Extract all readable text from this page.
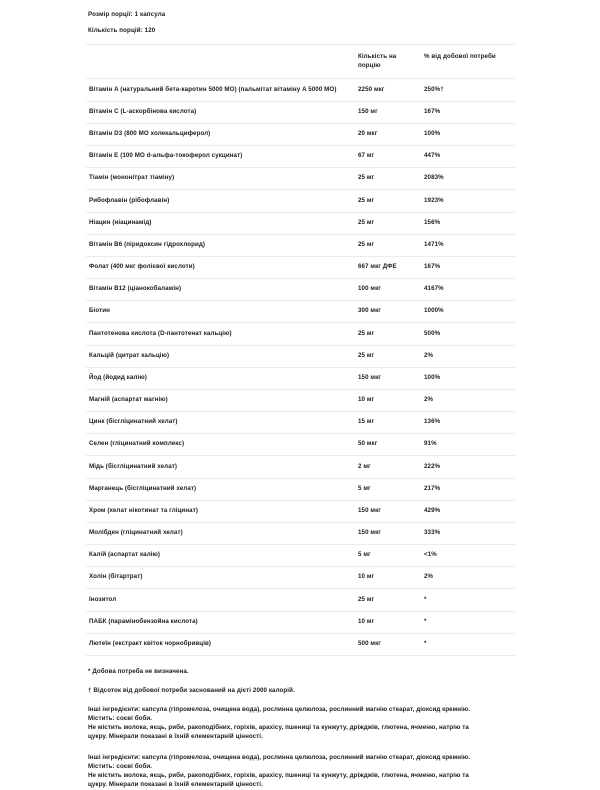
Розмір порції: 1 капсула
Кількість порцій: 120
	Кількість на порцію	% від добової потреби
Вітамін A (натуральний бета-каротин 5000 МО) (пальмітат вітаміну A 5000 МО)	2250 мкг	250%†
Вітамін C (L-аскорбінова кислота)	150 мг	167%
Вітамін D3 (800 МО холекальциферол)	20 мкг	100%
Вітамін E (100 МО d-альфа-токоферол сукцинат)	67 мг	447%
Тіамін (мононітрат тіаміну)	25 мг	2083%
Рибофлавін (рібофлавін)	25 мг	1923%
Ніацин (ніацинамід)	25 мг	156%
Вітамін B6 (піридоксин гідрохлорид)	25 мг	1471%
Фолат (400 мкг фолієвої кислоти)	667 мкг ДФЕ	167%
Вітамін B12 (ціанокобаламін)	100 мкг	4167%
Біотин	300 мкг	1000%
Пантотенова кислота (D-пантотенат кальцію)	25 мг	500%
Кальцій (цитрат кальцію)	25 мг	2%
Йод (йодид калію)	150 мкг	100%
Магній (аспартат магнію)	10 мг	2%
Цинк (бісгліцинатний хелат)	15 мг	136%
Селен (гліцинатний комплекс)	50 мкг	91%
Мідь (бісгліцинатний хелат)	2 мг	222%
Марганець (бісгліцинатний хелат)	5 мг	217%
Хром (хелат нікотинат та гліцинат)	150 мкг	429%
Молібден (гліцинатний хелат)	150 мкг	333%
Калій (аспартат калію)	5 мг	<1%
Холін (бітартрат)	10 мг	2%
Інозитол	25 мг	*
ПАБК (парамінобензойна кислота)	10 мг	*
Лютеїн (екстракт квіток чорнобривців)	500 мкг	*

* Добова потреба не визначена.

† Відсоток від добової потреби заснований на дієті 2000 калорій.

Інші інгредієнти: капсула (гіпромелоза, очищена вода), рослинна целюлоза, рослинний магнію стеарат, діоксид кремнію.

Містить: соєві боби.

Не містить молока, яєць, риби, ракоподібних, горіхів, арахісу, пшениці та кунжуту, дріжджів, глютена, ячменю, натрію та

цукру. Мінерали показані в їхній елементарній цінності.

Інші інгредієнти: капсула (гіпромелоза, очищена вода), рослинна целюлоза, рослинний магнію стеарат, діоксид кремнію.

Містить: соєві боби.

Не містить молока, яєць, риби, ракоподібних, горіхів, арахісу, пшениці та кунжуту, дріжджів, глютена, ячменю, натрію та

цукру. Мінерали показані в їхній елементарній цінності.
